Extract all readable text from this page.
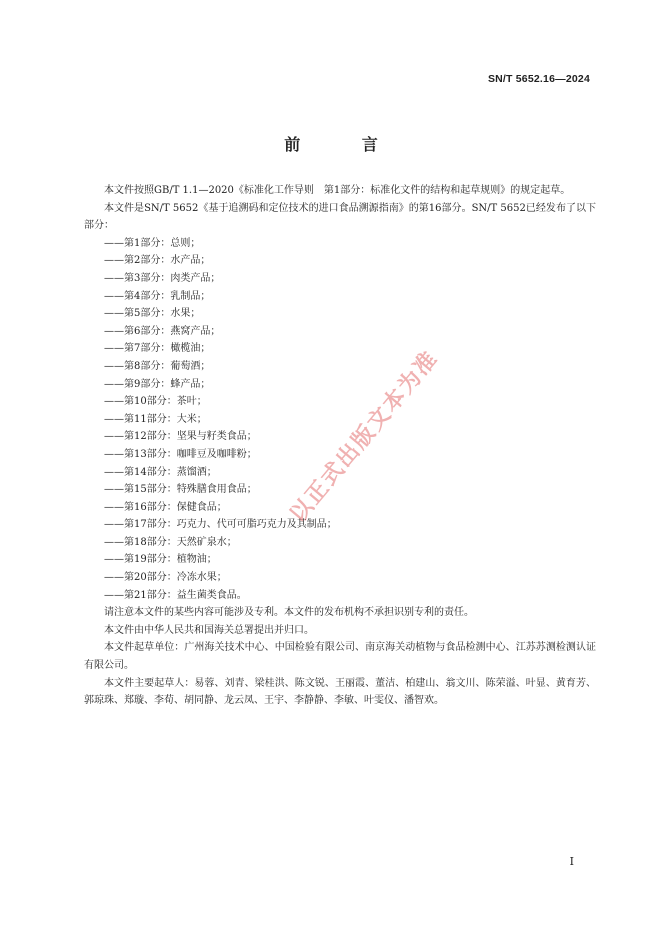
SN/T 5652.16—2024
前 言

本文件按照GB/T 1.1—2020《标准化工作导则　第1部分：标准化文件的结构和起草规则》的规定起草。

本文件是SN/T 5652《基于追溯码和定位技术的进口食品溯源指南》的第16部分。SN/T 5652已经发布了以下部分：

——第1部分：总则；
——第2部分：水产品；
——第3部分：肉类产品；
——第4部分：乳制品；
——第5部分：水果；
——第6部分：燕窝产品；
——第7部分：橄榄油；
——第8部分：葡萄酒；
——第9部分：蜂产品；
——第10部分：茶叶；
——第11部分：大米；
——第12部分：坚果与籽类食品；
——第13部分：咖啡豆及咖啡粉；
——第14部分：蒸馏酒；
——第15部分：特殊膳食用食品；
——第16部分：保健食品；
——第17部分：巧克力、代可可脂巧克力及其制品；
——第18部分：天然矿泉水；
——第19部分：植物油；
——第20部分：冷冻水果；
——第21部分：益生菌类食品。

请注意本文件的某些内容可能涉及专利。本文件的发布机构不承担识别专利的责任。

本文件由中华人民共和国海关总署提出并归口。

本文件起草单位：广州海关技术中心、中国检验有限公司、南京海关动植物与食品检测中心、江苏苏测检测认证有限公司。

本文件主要起草人：易蓉、刘青、梁桂洪、陈文锐、王丽霞、董洁、柏建山、翁文川、陈荣溢、叶显、黄育芳、郭琼珠、郑璇、李荀、胡同静、龙云凤、王宇、李静静、李敏、叶雯仪、潘智欢。

以正式出版文本为准
I
